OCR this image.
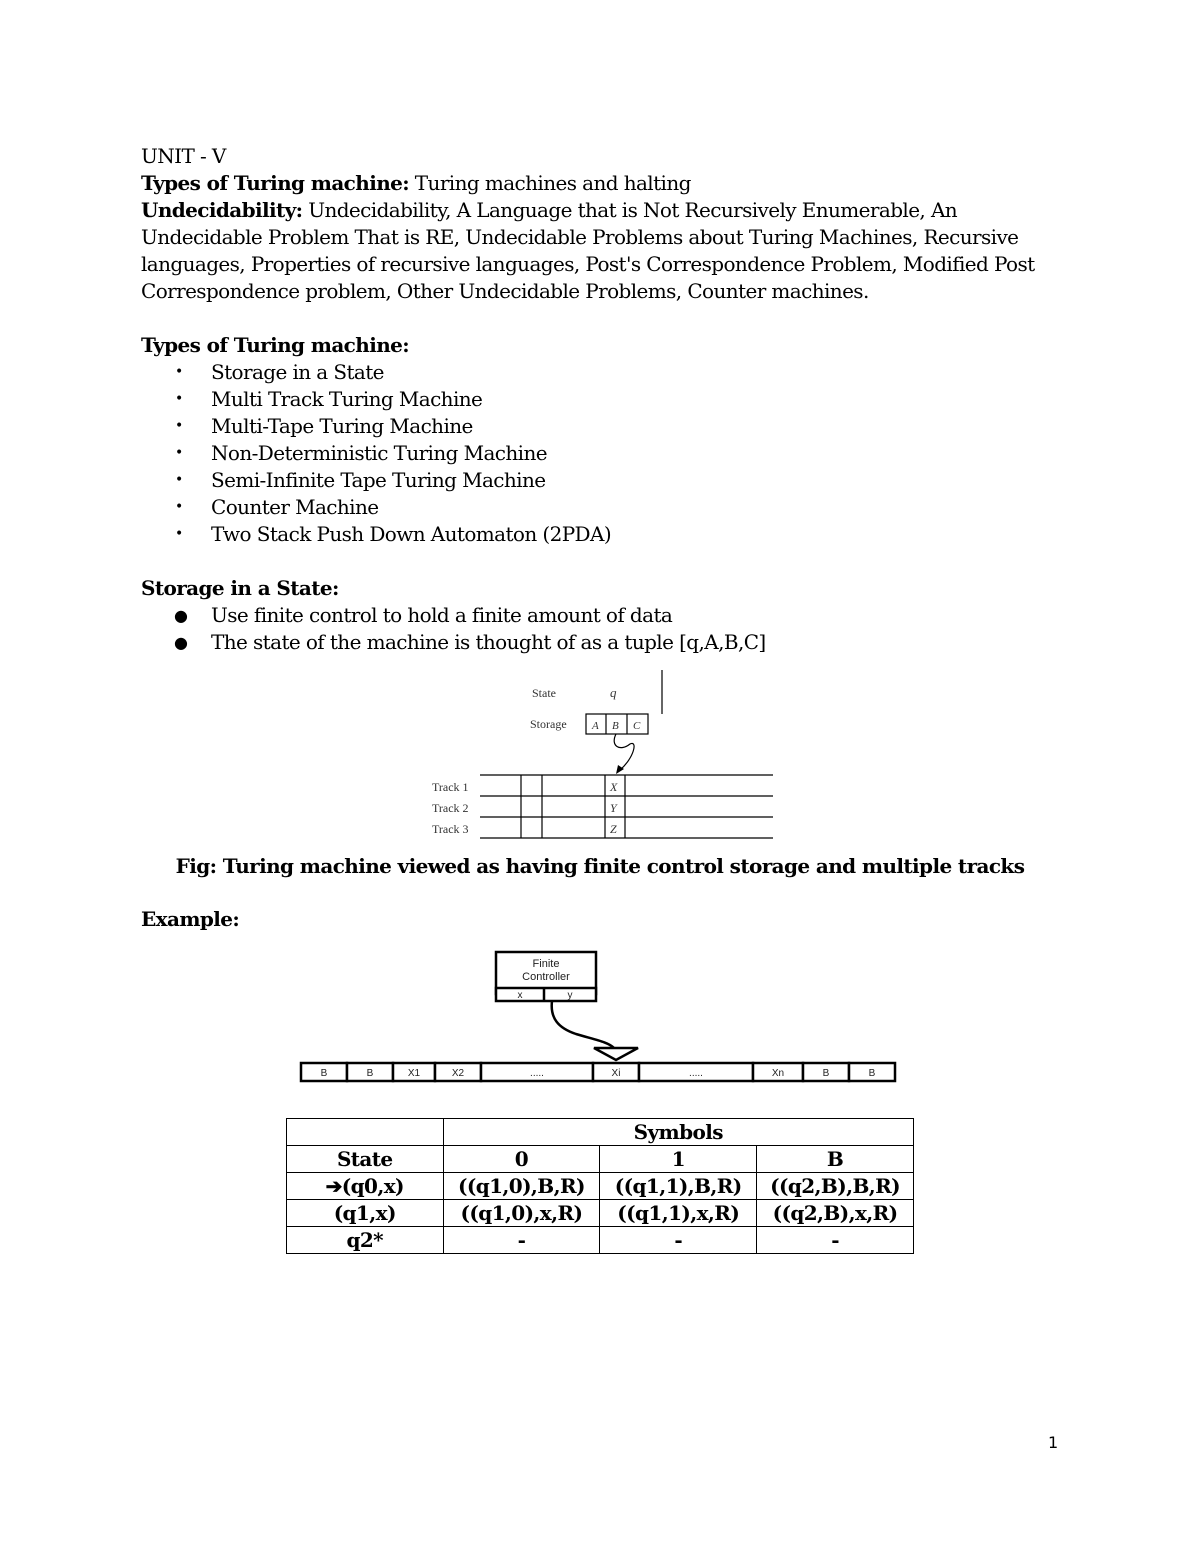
UNIT - V

Types of Turing machine: Turing machines and halting

Undecidability: Undecidability, A Language that is Not Recursively Enumerable, An

Undecidable Problem That is RE, Undecidable Problems about Turing Machines, Recursive

languages, Properties of recursive languages, Post's Correspondence Problem, Modified Post

Correspondence problem, Other Undecidable Problems, Counter machines.

Types of Turing machine:

• Storage in a State
• Multi Track Turing Machine
• Multi-Tape Turing Machine
• Non-Deterministic Turing Machine
• Semi-Infinite Tape Turing Machine
• Counter Machine
• Two Stack Push Down Automaton (2PDA)

Storage in a State:

● Use finite control to hold a finite amount of data
● The state of the machine is thought of as a tuple [q,A,B,C]
State	q
Storage A B C
Track 1
Track 2
Track 3
X
Y
Z
Fig: Turing machine viewed as having finite control storage and multiple tracks
Example:
Finite
Controller
x	y
B	B	X1	X2	.....	Xi	.....	Xn	B	B
	Symbols		
State	0	1	B
➔(q0,x)	((q1,0),B,R)	((q1,1),B,R)	((q2,B),B,R)
(q1,x)	((q1,0),x,R)	((q1,1),x,R)	((q2,B),x,R)
q2*	-	-	-
1
